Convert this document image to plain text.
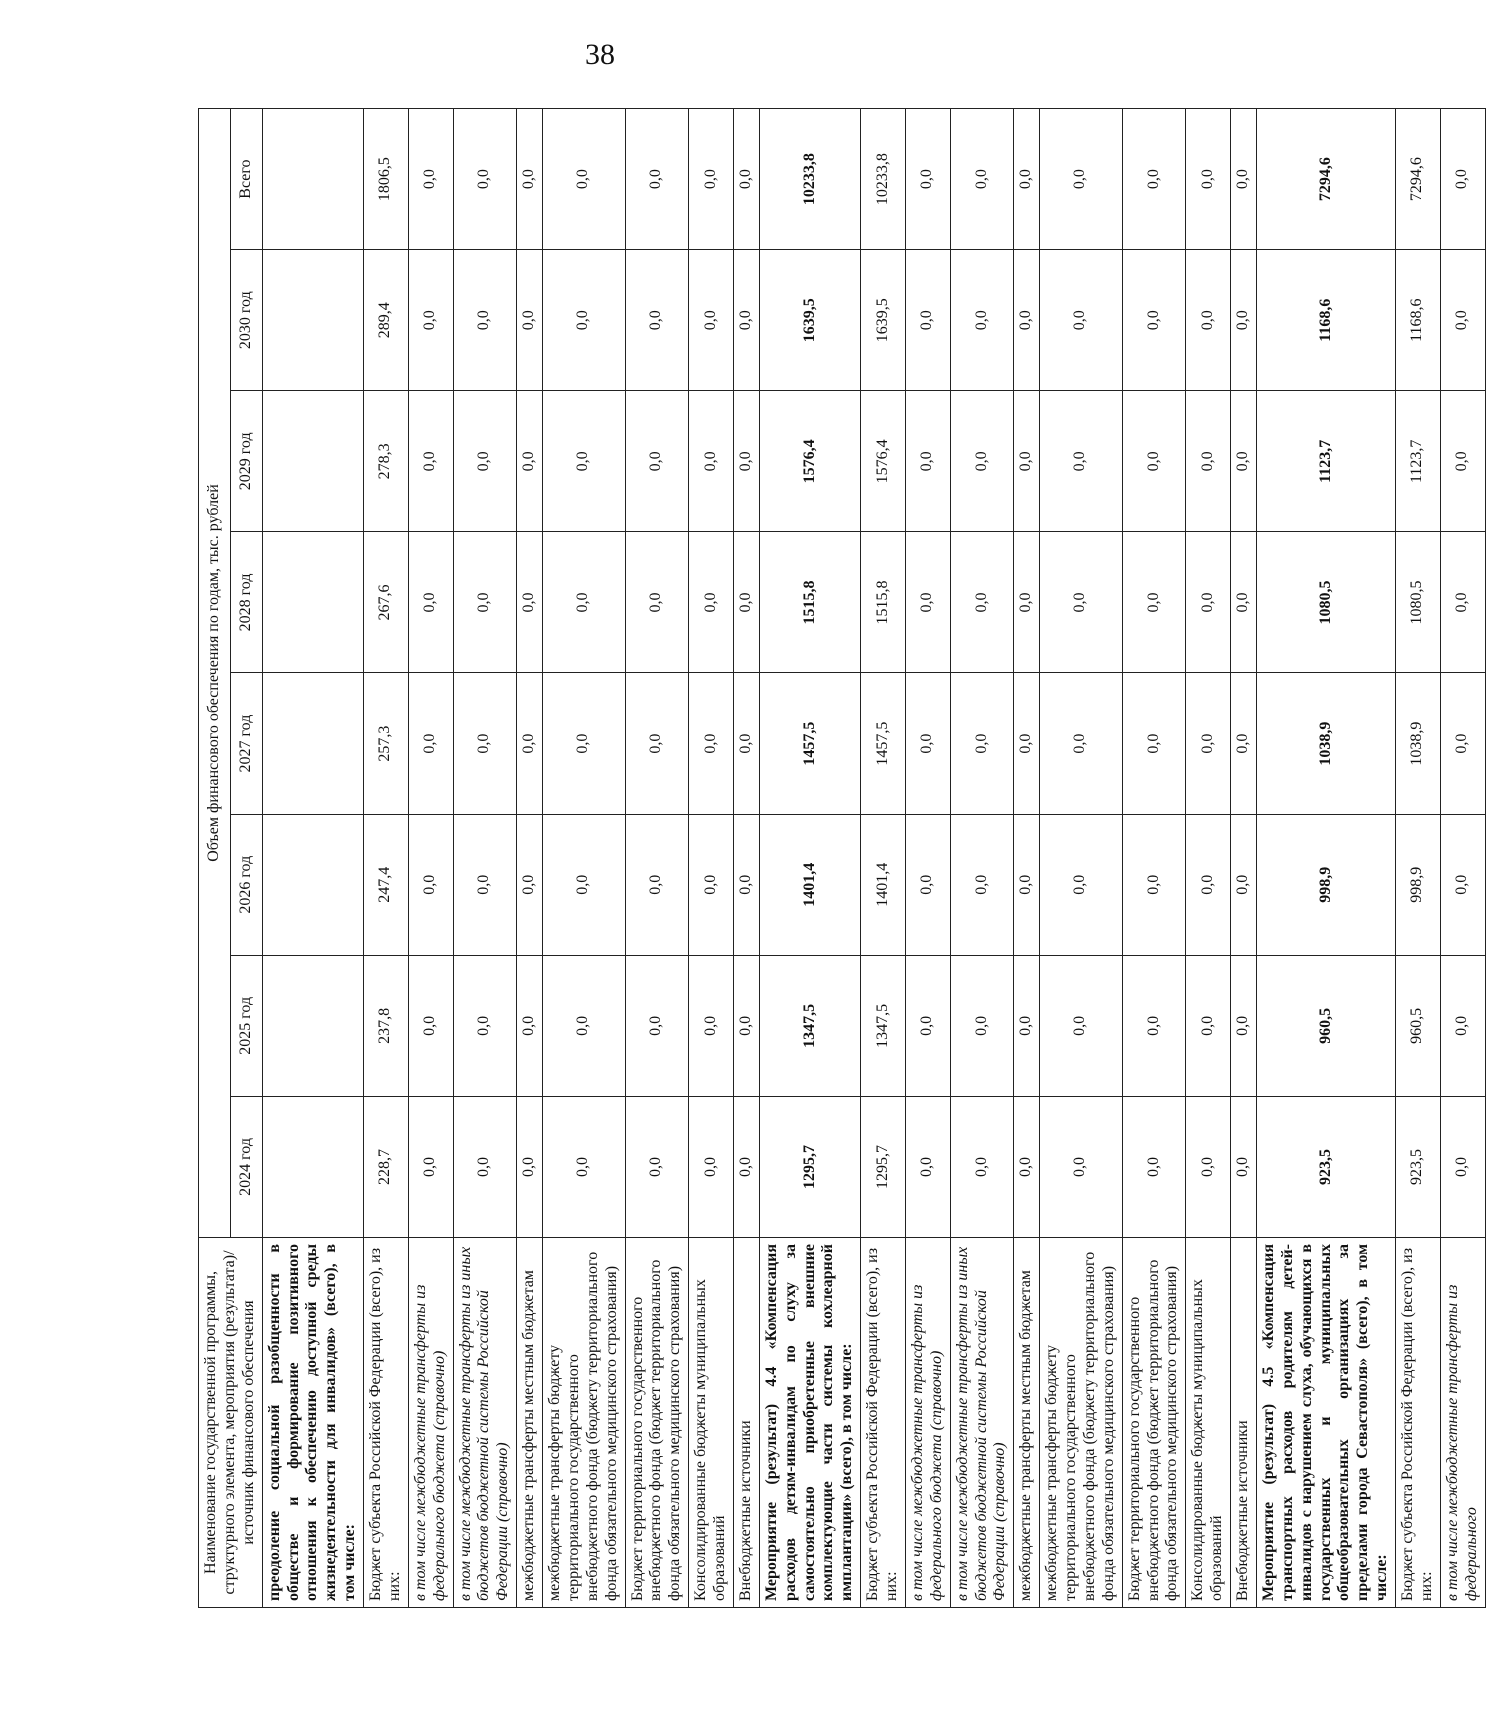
38
Наименование государственной программы, структурного элемента, мероприятия (результата)/источник финансового обеспечения	Объем финансового обеспечения по годам, тыс. рублей							
	2024 год	2025 год	2026 год	2027 год	2028 год	2029 год	2030 год	Всего
преодоление социальной разобщенности в обществе и формирование позитивного отношения к обеспечению доступной среды жизнедеятельности для инвалидов» (всего), в том числе:								
Бюджет субъекта Российской Федерации (всего), из них:	228,7	237,8	247,4	257,3	267,6	278,3	289,4	1806,5
в том числе межбюджетные трансферты из федерального бюджета (справочно)	0,0	0,0	0,0	0,0	0,0	0,0	0,0	0,0
в том числе межбюджетные трансферты из иных бюджетов бюджетной системы Российской Федерации (справочно)	0,0	0,0	0,0	0,0	0,0	0,0	0,0	0,0
межбюджетные трансферты местным бюджетам	0,0	0,0	0,0	0,0	0,0	0,0	0,0	0,0
межбюджетные трансферты бюджету территориального государственного внебюджетного фонда (бюджету территориального фонда обязательного медицинского страхования)	0,0	0,0	0,0	0,0	0,0	0,0	0,0	0,0
Бюджет территориального государственного внебюджетного фонда (бюджет территориального фонда обязательного медицинского страхования)	0,0	0,0	0,0	0,0	0,0	0,0	0,0	0,0
Консолидированные бюджеты муниципальных образований	0,0	0,0	0,0	0,0	0,0	0,0	0,0	0,0
Внебюджетные источники	0,0	0,0	0,0	0,0	0,0	0,0	0,0	0,0
Мероприятие (результат) 4.4 «Компенсация расходов детям-инвалидам по слуху за самостоятельно приобретенные внешние комплектующие части системы кохлеарной имплантации» (всего), в том числе:	1295,7	1347,5	1401,4	1457,5	1515,8	1576,4	1639,5	10233,8
Бюджет субъекта Российской Федерации (всего), из них:	1295,7	1347,5	1401,4	1457,5	1515,8	1576,4	1639,5	10233,8
в том числе межбюджетные трансферты из федерального бюджета (справочно)	0,0	0,0	0,0	0,0	0,0	0,0	0,0	0,0
в том числе межбюджетные трансферты из иных бюджетов бюджетной системы Российской Федерации (справочно)	0,0	0,0	0,0	0,0	0,0	0,0	0,0	0,0
межбюджетные трансферты местным бюджетам	0,0	0,0	0,0	0,0	0,0	0,0	0,0	0,0
межбюджетные трансферты бюджету территориального государственного внебюджетного фонда (бюджету территориального фонда обязательного медицинского страхования)	0,0	0,0	0,0	0,0	0,0	0,0	0,0	0,0
Бюджет территориального государственного внебюджетного фонда (бюджет территориального фонда обязательного медицинского страхования)	0,0	0,0	0,0	0,0	0,0	0,0	0,0	0,0
Консолидированные бюджеты муниципальных образований	0,0	0,0	0,0	0,0	0,0	0,0	0,0	0,0
Внебюджетные источники	0,0	0,0	0,0	0,0	0,0	0,0	0,0	0,0
Мероприятие (результат) 4.5 «Компенсация транспортных расходов родителям детей-инвалидов с нарушением слуха, обучающихся в государственных и муниципальных общеобразовательных организациях за пределами города Севастополя» (всего), в том числе:	923,5	960,5	998,9	1038,9	1080,5	1123,7	1168,6	7294,6
Бюджет субъекта Российской Федерации (всего), из них:	923,5	960,5	998,9	1038,9	1080,5	1123,7	1168,6	7294,6
в том числе межбюджетные трансферты из федерального	0,0	0,0	0,0	0,0	0,0	0,0	0,0	0,0
